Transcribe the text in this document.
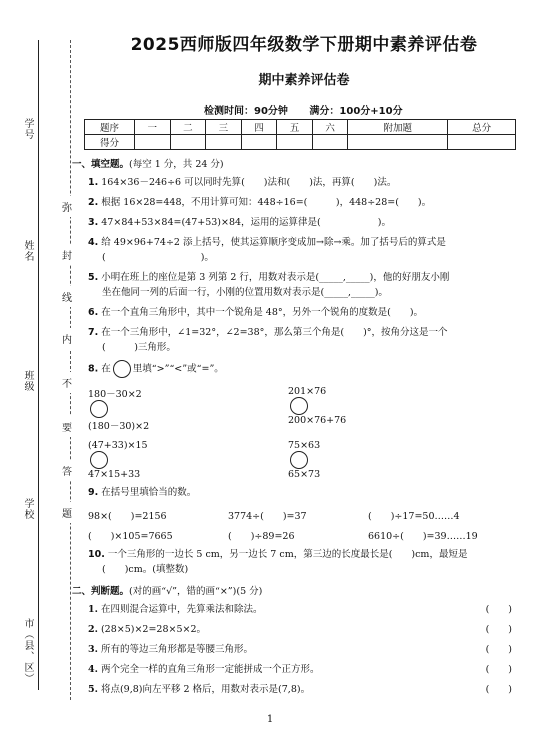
学号
姓名
班级
学校
市（县、区）
弥
封
线
内
不
要
答
题
2025西师版四年级数学下册期中素养评估卷
期中素养评估卷
检测时间：90分钟 满分：100分+10分
题序	一	二	三	四	五	六	附加题	总分
得分								
一、填空题。(每空 1 分，共 24 分)
1. 164×36－246÷6 可以同时先算(　　)法和(　　)法，再算(　　)法。
2. 根据 16×28=448，不用计算可知：448÷16=(　　　)，448÷28=(　　)。
3. 47×84+53×84=(47+53)×84，运用的运算律是(　　　　　　)。
4. 给 49×96+74÷2 添上括号，使其运算顺序变成加→除→乘。加了括号后的算式是
(　　　　　　　　　　)。
5. 小明在班上的座位是第 3 列第 2 行，用数对表示是(_____,_____)，他的好朋友小刚
坐在他同一列的后面一行，小刚的位置用数对表示是(_____,_____)。
6. 在一个直角三角形中，其中一个锐角是 48°，另外一个锐角的度数是(　　)。
7. 在一个三角形中，∠1=32°，∠2=38°，那么第三个角是(　　)°，按角分这是一个
(　　　)三角形。
8. 在 里填“>”“<”或“=”。
180－30×2
(180－30)×2
201×76
200×76+76
(47+33)×15
47×15+33
75×63
65×73
9. 在括号里填恰当的数。
98×(　　)=2156	3774÷(　　)=37	(　　)÷17=50……4
(　　)×105=7665	(　　)÷89=26	6610÷(　　)=39……19
10. 一个三角形的一边长 5 cm，另一边长 7 cm，第三边的长度最长是(　　)cm，最短是
(　　)cm。(填整数)
二、判断题。(对的画“√”，错的画“×”)(5 分)
1. 在四则混合运算中，先算乘法和除法。	(　　)
2. (28×5)×2=28×5×2。	(　　)
3. 所有的等边三角形都是等腰三角形。	(　　)
4. 两个完全一样的直角三角形一定能拼成一个正方形。	(　　)
5. 将点(9,8)向左平移 2 格后，用数对表示是(7,8)。	(　　)
1
